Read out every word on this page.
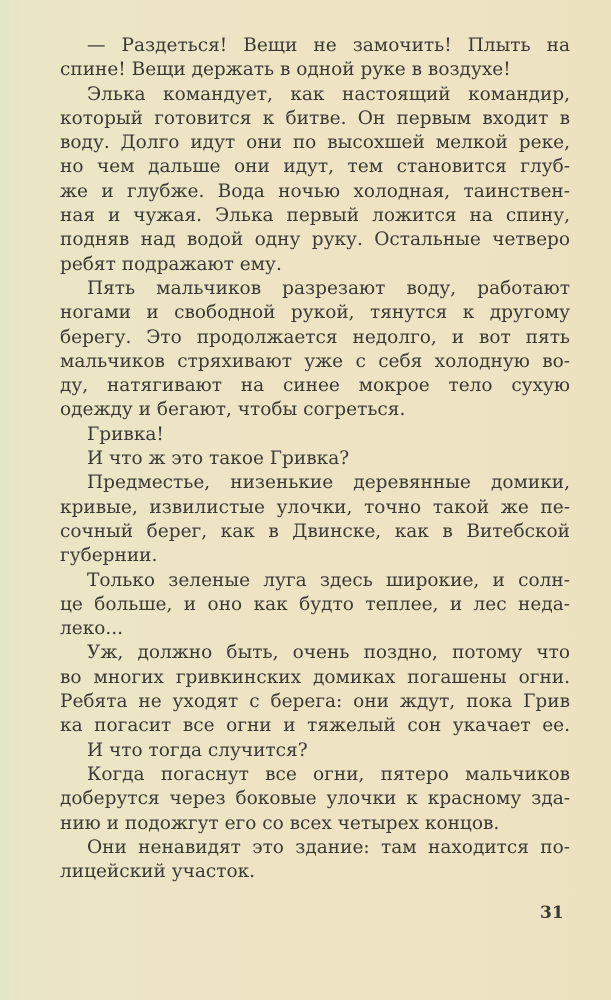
— Раздеться! Вещи не замочить! Плыть на
спине! Вещи держать в одной руке в воздухе!
Элька командует, как настоящий командир,
который готовится к битве. Он первым входит в
воду. Долго идут они по высохшей мелкой реке,
но чем дальше они идут, тем становится глуб-
же и глубже. Вода ночью холодная, таинствен-
ная и чужая. Элька первый ложится на спину,
подняв над водой одну руку. Остальные четверо
ребят подражают ему.
Пять мальчиков разрезают воду, работают
ногами и свободной рукой, тянутся к другому
берегу. Это продолжается недолго, и вот пять
мальчиков стряхивают уже с себя холодную во-
ду, натягивают на синее мокрое тело сухую
одежду и бегают, чтобы согреться.
Гривка!
И что ж это такое Гривка?
Предместье, низенькие деревянные домики,
кривые, извилистые улочки, точно такой же пе-
сочный берег, как в Двинске, как в Витебской
губернии.
Только зеленые луга здесь широкие, и солн-
це больше, и оно как будто теплее, и лес неда-
леко...
Уж, должно быть, очень поздно, потому что
во многих гривкинских домиках погашены огни.
Ребята не уходят с берега: они ждут, пока Грив
ка погасит все огни и тяжелый сон укачает ее.
И что тогда случится?
Когда погаснут все огни, пятеро мальчиков
доберутся через боковые улочки к красному зда-
нию и подожгут его со всех четырех концов.
Они ненавидят это здание: там находится по-
лицейский участок.
31
